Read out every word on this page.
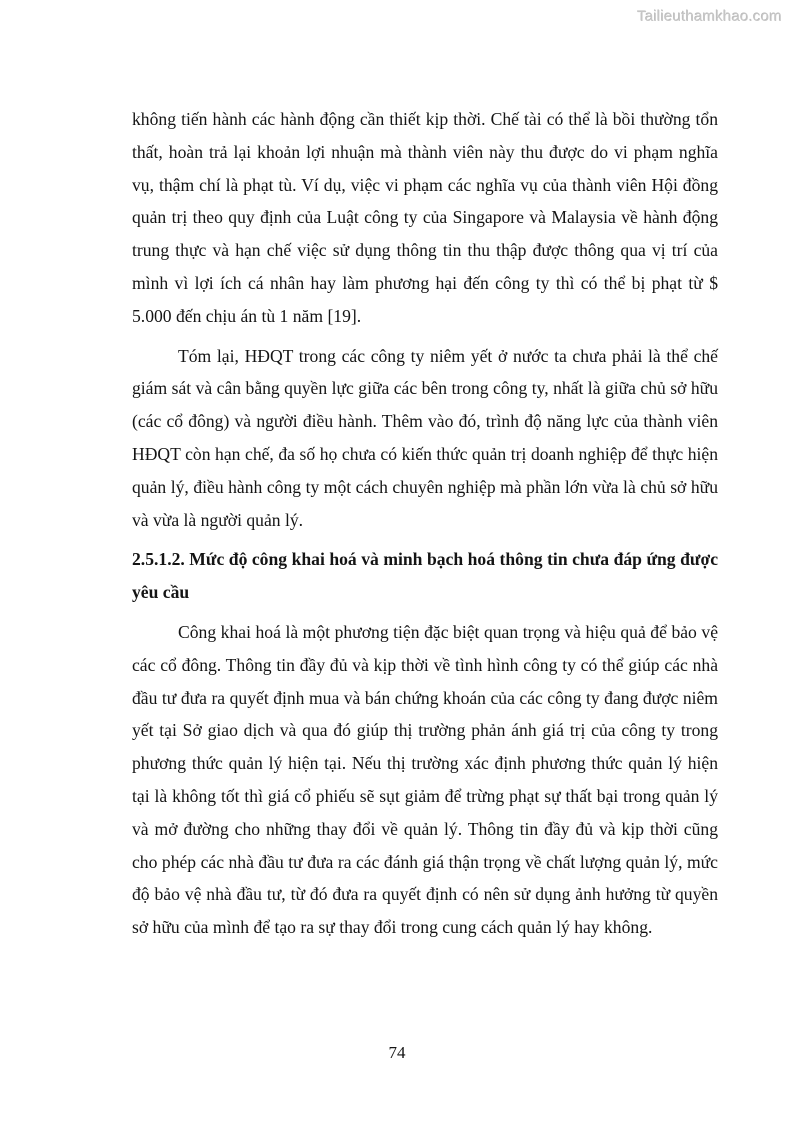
Tailieuthamkhao.com

không tiến hành các hành động cần thiết kịp thời. Chế tài có thể là bồi thường tổn thất, hoàn trả lại khoản lợi nhuận mà thành viên này thu được do vi phạm nghĩa vụ, thậm chí là phạt tù. Ví dụ, việc vi phạm các nghĩa vụ của thành viên Hội đồng quản trị theo quy định của Luật công ty của Singapore và Malaysia về hành động trung thực và hạn chế việc sử dụng thông tin thu thập được thông qua vị trí của mình vì lợi ích cá nhân hay làm phương hại đến công ty thì có thể bị phạt từ $ 5.000 đến chịu án tù 1 năm [19].

Tóm lại, HĐQT trong các công ty niêm yết ở nước ta chưa phải là thể chế giám sát và cân bằng quyền lực giữa các bên trong công ty, nhất là giữa chủ sở hữu (các cổ đông) và người điều hành. Thêm vào đó, trình độ năng lực của thành viên HĐQT còn hạn chế, đa số họ chưa có kiến thức quản trị doanh nghiệp để thực hiện quản lý, điều hành công ty một cách chuyên nghiệp mà phần lớn vừa là chủ sở hữu và vừa là người quản lý.

2.5.1.2. Mức độ công khai hoá và minh bạch hoá thông tin chưa đáp ứng được yêu cầu

Công khai hoá là một phương tiện đặc biệt quan trọng và hiệu quả để bảo vệ các cổ đông. Thông tin đầy đủ và kịp thời về tình hình công ty có thể giúp các nhà đầu tư đưa ra quyết định mua và bán chứng khoán của các công ty đang được niêm yết tại Sở giao dịch và qua đó giúp thị trường phản ánh giá trị của công ty trong phương thức quản lý hiện tại. Nếu thị trường xác định phương thức quản lý hiện tại là không tốt thì giá cổ phiếu sẽ sụt giảm để trừng phạt sự thất bại trong quản lý và mở đường cho những thay đổi về quản lý. Thông tin đầy đủ và kịp thời cũng cho phép các nhà đầu tư đưa ra các đánh giá thận trọng về chất lượng quản lý, mức độ bảo vệ nhà đầu tư, từ đó đưa ra quyết định có nên sử dụng ảnh hưởng từ quyền sở hữu của mình để tạo ra sự thay đổi trong cung cách quản lý hay không.

74
